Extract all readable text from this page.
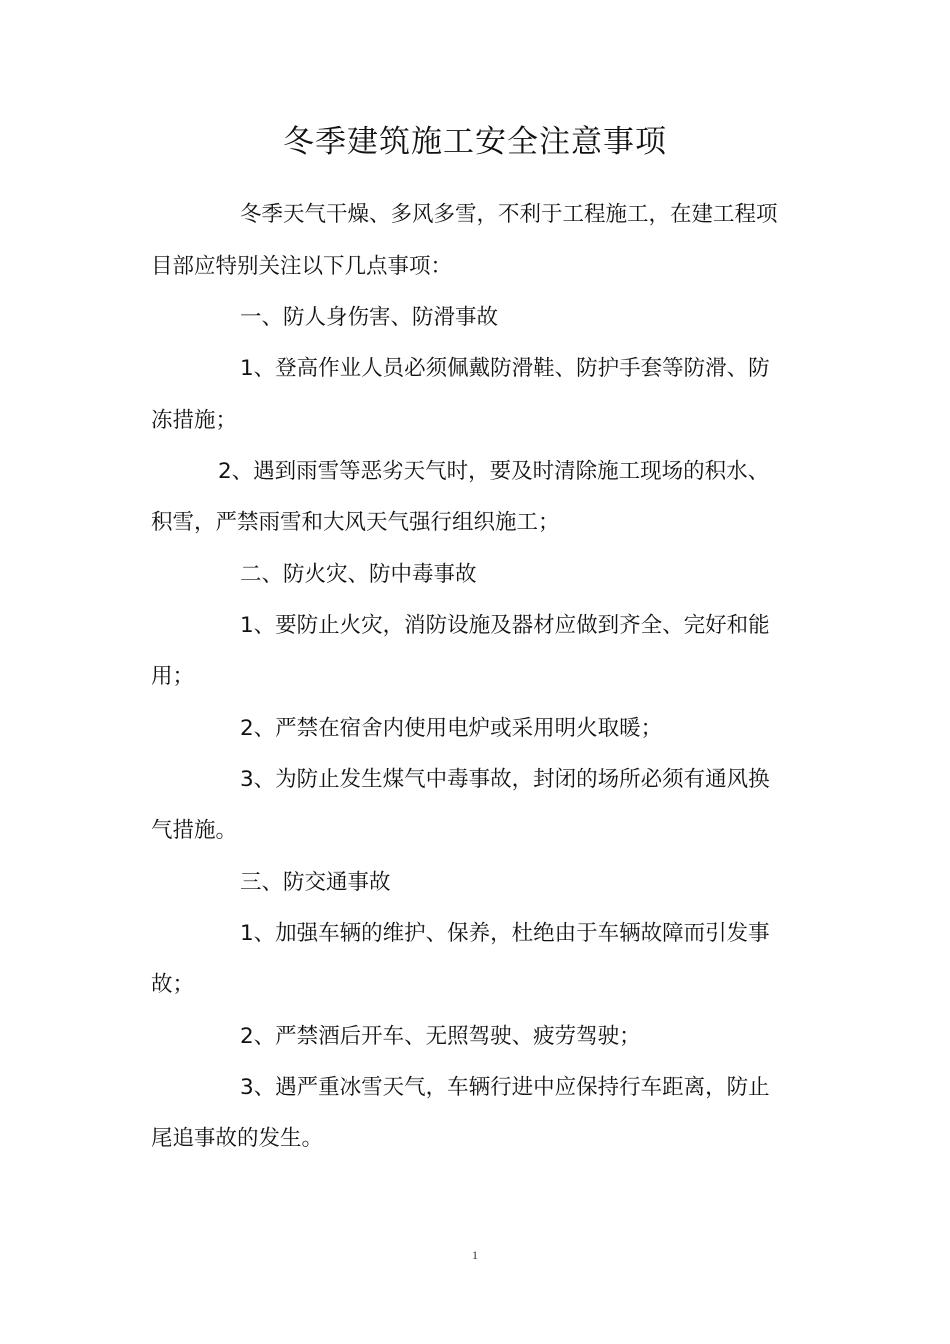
冬季建筑施工安全注意事项
冬季天气干燥、多风多雪，不利于工程施工，在建工程项
目部应特别关注以下几点事项：
一、防人身伤害、防滑事故
1、登高作业人员必须佩戴防滑鞋、防护手套等防滑、防
冻措施；
2、遇到雨雪等恶劣天气时，要及时清除施工现场的积水、
积雪，严禁雨雪和大风天气强行组织施工；
二、防火灾、防中毒事故
1、要防止火灾，消防设施及器材应做到齐全、完好和能
用；
2、严禁在宿舍内使用电炉或采用明火取暖；
3、为防止发生煤气中毒事故，封闭的场所必须有通风换
气措施。
三、防交通事故
1、加强车辆的维护、保养，杜绝由于车辆故障而引发事
故；
2、严禁酒后开车、无照驾驶、疲劳驾驶；
3、遇严重冰雪天气，车辆行进中应保持行车距离，防止
尾追事故的发生。
1
